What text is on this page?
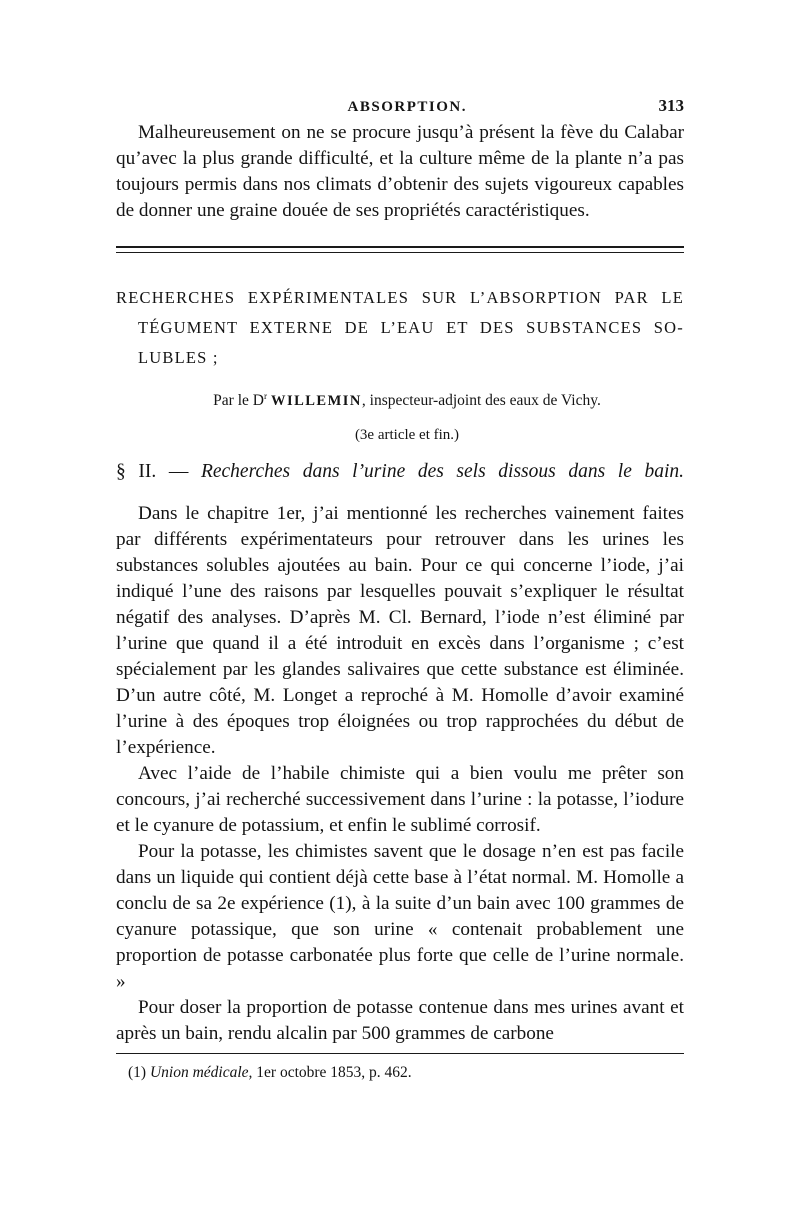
ABSORPTION.	313

Malheureusement on ne se procure jusqu’à présent la fève du Calabar qu’avec la plus grande difficulté, et la culture même de la plante n’a pas toujours permis dans nos climats d’obtenir des sujets vigoureux capables de donner une graine douée de ses propriétés caractéristiques.

RECHERCHES EXPÉRIMENTALES SUR L’ABSORPTION PAR LE
TÉGUMENT EXTERNE DE L’EAU ET DES SUBSTANCES SO-
LUBLES ;

Par le $D^r$ WILLEMIN, inspecteur-adjoint des eaux de Vichy.

(3e article et fin.)

§ II. — Recherches dans l’urine des sels dissous dans le bain.

Dans le chapitre 1er, j’ai mentionné les recherches vainement faites par différents expérimentateurs pour retrouver dans les urines les substances solubles ajoutées au bain. Pour ce qui concerne l’iode, j’ai indiqué l’une des raisons par lesquelles pouvait s’expliquer le résultat négatif des analyses. D’après M. Cl. Bernard, l’iode n’est éliminé par l’urine que quand il a été introduit en excès dans l’organisme ; c’est spécialement par les glandes salivaires que cette substance est éliminée. D’un autre côté, M. Longet a reproché à M. Homolle d’avoir examiné l’urine à des époques trop éloignées ou trop rapprochées du début de l’expérience.

Avec l’aide de l’habile chimiste qui a bien voulu me prêter son concours, j’ai recherché successivement dans l’urine : la potasse, l’iodure et le cyanure de potassium, et enfin le sublimé corrosif.

Pour la potasse, les chimistes savent que le dosage n’en est pas facile dans un liquide qui contient déjà cette base à l’état normal. M. Homolle a conclu de sa 2e expérience (1), à la suite d’un bain avec 100 grammes de cyanure potassique, que son urine « contenait probablement une proportion de potasse carbonatée plus forte que celle de l’urine normale. »

Pour doser la proportion de potasse contenue dans mes urines avant et après un bain, rendu alcalin par 500 grammes de carbone

(1) Union médicale, 1er octobre 1853, p. 462.
